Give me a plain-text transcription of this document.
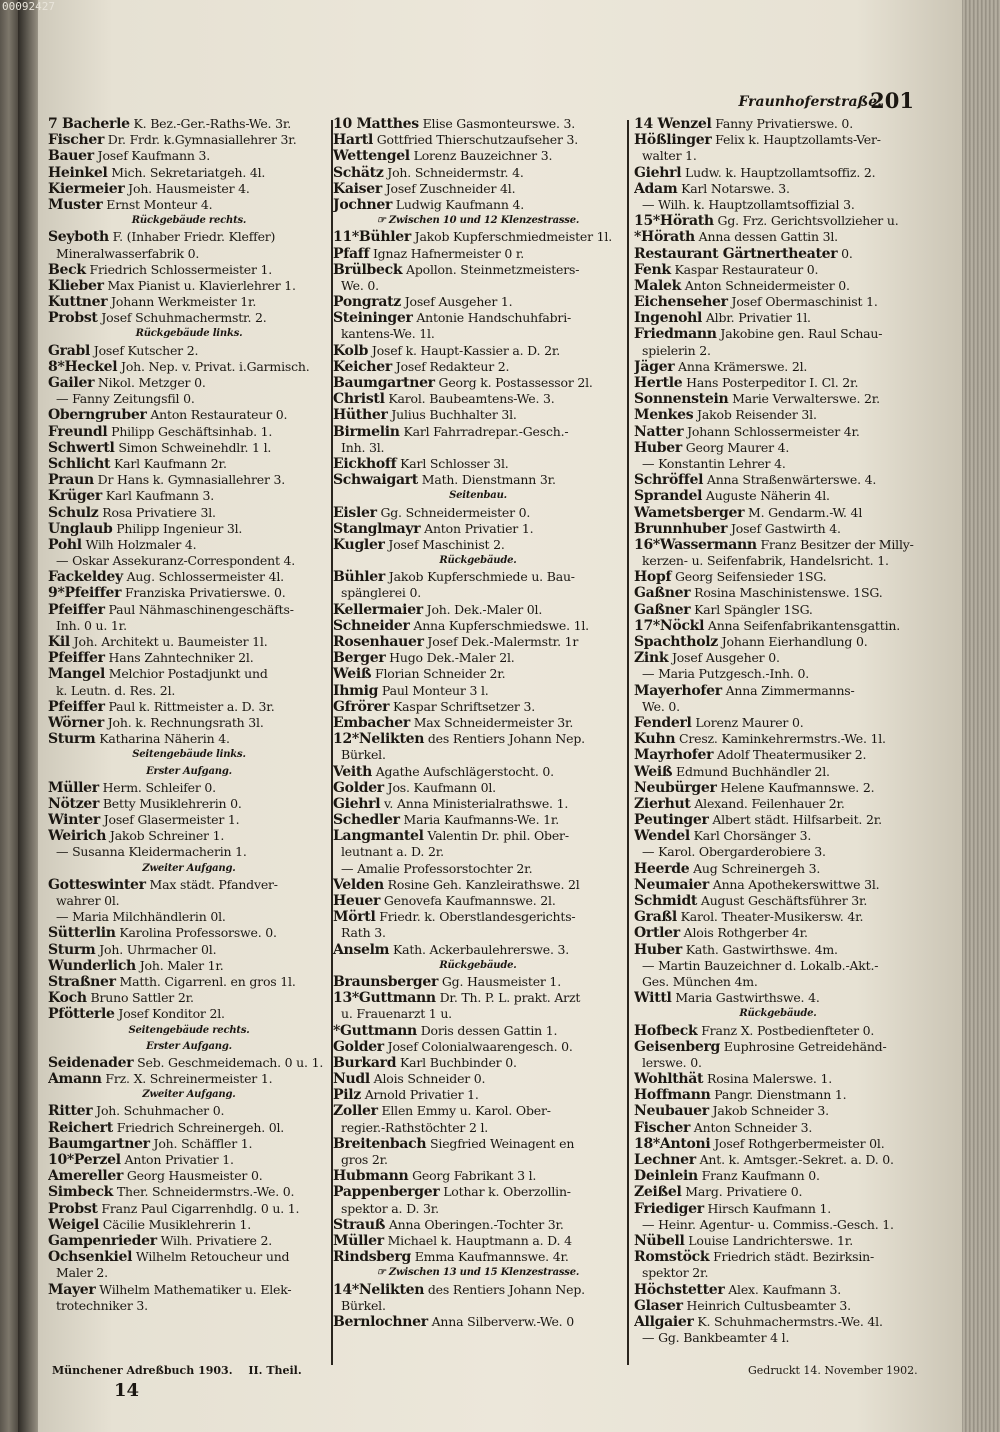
00092427
Fraunhoferstraße.
201
7 Bacherle K. Bez.-Ger.-Raths-We. 3r.
Fischer Dr. Frdr. k.Gymnasiallehrer 3r.
Bauer Josef Kaufmann 3.
Heinkel Mich. Sekretariatgeh. 4l.
Kiermeier Joh. Hausmeister 4.
Muster Ernst Monteur 4.
Rückgebäude rechts.
Seyboth F. (Inhaber Friedr. Kleffer)
Mineralwasserfabrik 0.
Beck Friedrich Schlossermeister 1.
Klieber Max Pianist u. Klavierlehrer 1.
Kuttner Johann Werkmeister 1r.
Probst Josef Schuhmachermstr. 2.
Rückgebäude links.
Grabl Josef Kutscher 2.
8*Heckel Joh. Nep. v. Privat. i.Garmisch.
Gailer Nikol. Metzger 0.
— Fanny Zeitungsfil 0.
Oberngruber Anton Restaurateur 0.
Freundl Philipp Geschäftsinhab. 1.
Schwertl Simon Schweinehdlr. 1 l.
Schlicht Karl Kaufmann 2r.
Praun Dr Hans k. Gymnasiallehrer 3.
Krüger Karl Kaufmann 3.
Schulz Rosa Privatiere 3l.
Unglaub Philipp Ingenieur 3l.
Pohl Wilh Holzmaler 4.
— Oskar Assekuranz-Correspondent 4.
Fackeldey Aug. Schlossermeister 4l.
9*Pfeiffer Franziska Privatierswe. 0.
Pfeiffer Paul Nähmaschinengeschäfts-
Inh. 0 u. 1r.
Kil Joh. Architekt u. Baumeister 1l.
Pfeiffer Hans Zahntechniker 2l.
Mangel Melchior Postadjunkt und
k. Leutn. d. Res. 2l.
Pfeiffer Paul k. Rittmeister a. D. 3r.
Wörner Joh. k. Rechnungsrath 3l.
Sturm Katharina Näherin 4.
Seitengebäude links.
Erster Aufgang.
Müller Herm. Schleifer 0.
Nötzer Betty Musiklehrerin 0.
Winter Josef Glasermeister 1.
Weirich Jakob Schreiner 1.
— Susanna Kleidermacherin 1.
Zweiter Aufgang.
Gotteswinter Max städt. Pfandver-
wahrer 0l.
— Maria Milchhändlerin 0l.
Sütterlin Karolina Professorswe. 0.
Sturm Joh. Uhrmacher 0l.
Wunderlich Joh. Maler 1r.
Straßner Matth. Cigarrenl. en gros 1l.
Koch Bruno Sattler 2r.
Pfötterle Josef Konditor 2l.
Seitengebäude rechts.
Erster Aufgang.
Seidenader Seb. Geschmeidemach. 0 u. 1.
Amann Frz. X. Schreinermeister 1.
Zweiter Aufgang.
Ritter Joh. Schuhmacher 0.
Reichert Friedrich Schreinergeh. 0l.
Baumgartner Joh. Schäffler 1.
10*Perzel Anton Privatier 1.
Amereller Georg Hausmeister 0.
Simbeck Ther. Schneidermstrs.-We. 0.
Probst Franz Paul Cigarrenhdlg. 0 u. 1.
Weigel Cäcilie Musiklehrerin 1.
Gampenrieder Wilh. Privatiere 2.
Ochsenkiel Wilhelm Retoucheur und
Maler 2.
Mayer Wilhelm Mathematiker u. Elek-
trotechniker 3.
10 Matthes Elise Gasmonteurswe. 3.
Hartl Gottfried Thierschutzaufseher 3.
Wettengel Lorenz Bauzeichner 3.
Schätz Joh. Schneidermstr. 4.
Kaiser Josef Zuschneider 4l.
Jochner Ludwig Kaufmann 4.
☞ Zwischen 10 und 12 Klenzestrasse.
11*Bühler Jakob Kupferschmiedmeister 1l.
Pfaff Ignaz Hafnermeister 0 r.
Brülbeck Apollon. Steinmetzmeisters-
We. 0.
Pongratz Josef Ausgeher 1.
Steininger Antonie Handschuhfabri-
kantens-We. 1l.
Kolb Josef k. Haupt-Kassier a. D. 2r.
Keicher Josef Redakteur 2.
Baumgartner Georg k. Postassessor 2l.
Christl Karol. Baubeamtens-We. 3.
Hüther Julius Buchhalter 3l.
Birmelin Karl Fahrradrepar.-Gesch.-
Inh. 3l.
Eickhoff Karl Schlosser 3l.
Schwaigart Math. Dienstmann 3r.
Seitenbau.
Eisler Gg. Schneidermeister 0.
Stanglmayr Anton Privatier 1.
Kugler Josef Maschinist 2.
Rückgebäude.
Bühler Jakob Kupferschmiede u. Bau-
spänglerei 0.
Kellermaier Joh. Dek.-Maler 0l.
Schneider Anna Kupferschmiedswe. 1l.
Rosenhauer Josef Dek.-Malermstr. 1r
Berger Hugo Dek.-Maler 2l.
Weiß Florian Schneider 2r.
Ihmig Paul Monteur 3 l.
Gfrörer Kaspar Schriftsetzer 3.
Embacher Max Schneidermeister 3r.
12*Nelikten des Rentiers Johann Nep.
Bürkel.
Veith Agathe Aufschlägerstocht. 0.
Golder Jos. Kaufmann 0l.
Giehrl v. Anna Ministerialrathswe. 1.
Schedler Maria Kaufmanns-We. 1r.
Langmantel Valentin Dr. phil. Ober-
leutnant a. D. 2r.
— Amalie Professorstochter 2r.
Velden Rosine Geh. Kanzleirathswe. 2l
Heuer Genovefa Kaufmannswe. 2l.
Mörtl Friedr. k. Oberstlandesgerichts-
Rath 3.
Anselm Kath. Ackerbaulehrerswe. 3.
Rückgebäude.
Braunsberger Gg. Hausmeister 1.
13*Guttmann Dr. Th. P. L. prakt. Arzt
u. Frauenarzt 1 u.
*Guttmann Doris dessen Gattin 1.
Golder Josef Colonialwaarengesch. 0.
Burkard Karl Buchbinder 0.
Nudl Alois Schneider 0.
Pilz Arnold Privatier 1.
Zoller Ellen Emmy u. Karol. Ober-
regier.-Rathstöchter 2 l.
Breitenbach Siegfried Weinagent en
gros 2r.
Hubmann Georg Fabrikant 3 l.
Pappenberger Lothar k. Oberzollin-
spektor a. D. 3r.
Strauß Anna Oberingen.-Tochter 3r.
Müller Michael k. Hauptmann a. D. 4
Rindsberg Emma Kaufmannswe. 4r.
☞ Zwischen 13 und 15 Klenzestrasse.
14*Nelikten des Rentiers Johann Nep.
Bürkel.
Bernlochner Anna Silberverw.-We. 0
14 Wenzel Fanny Privatierswe. 0.
Hößlinger Felix k. Hauptzollamts-Ver-
walter 1.
Giehrl Ludw. k. Hauptzollamtsoffiz. 2.
Adam Karl Notarswe. 3.
— Wilh. k. Hauptzollamtsoffizial 3.
15*Hörath Gg. Frz. Gerichtsvollzieher u.
*Hörath Anna dessen Gattin 3l.
Restaurant Gärtnertheater 0.
Fenk Kaspar Restaurateur 0.
Malek Anton Schneidermeister 0.
Eichenseher Josef Obermaschinist 1.
Ingenohl Albr. Privatier 1l.
Friedmann Jakobine gen. Raul Schau-
spielerin 2.
Jäger Anna Krämerswe. 2l.
Hertle Hans Posterpeditor I. Cl. 2r.
Sonnenstein Marie Verwalterswe. 2r.
Menkes Jakob Reisender 3l.
Natter Johann Schlossermeister 4r.
Huber Georg Maurer 4.
— Konstantin Lehrer 4.
Schröffel Anna Straßenwärterswe. 4.
Sprandel Auguste Näherin 4l.
Wametsberger M. Gendarm.-W. 4l
Brunnhuber Josef Gastwirth 4.
16*Wassermann Franz Besitzer der Milly-
kerzen- u. Seifenfabrik, Handelsricht. 1.
Hopf Georg Seifensieder 1SG.
Gaßner Rosina Maschinistenswe. 1SG.
Gaßner Karl Spängler 1SG.
17*Nöckl Anna Seifenfabrikantensgattin.
Spachtholz Johann Eierhandlung 0.
Zink Josef Ausgeher 0.
— Maria Putzgesch.-Inh. 0.
Mayerhofer Anna Zimmermanns-
We. 0.
Fenderl Lorenz Maurer 0.
Kuhn Cresz. Kaminkehrermstrs.-We. 1l.
Mayrhofer Adolf Theatermusiker 2.
Weiß Edmund Buchhändler 2l.
Neubürger Helene Kaufmannswe. 2.
Zierhut Alexand. Feilenhauer 2r.
Peutinger Albert städt. Hilfsarbeit. 2r.
Wendel Karl Chorsänger 3.
— Karol. Obergarderobiere 3.
Heerde Aug Schreinergeh 3.
Neumaier Anna Apothekerswittwe 3l.
Schmidt August Geschäftsführer 3r.
Graßl Karol. Theater-Musikersw. 4r.
Ortler Alois Rothgerber 4r.
Huber Kath. Gastwirthswe. 4m.
— Martin Bauzeichner d. Lokalb.-Akt.-
Ges. München 4m.
Wittl Maria Gastwirthswe. 4.
Rückgebäude.
Hofbeck Franz X. Postbedienfteter 0.
Geisenberg Euphrosine Getreidehänd-
lerswe. 0.
Wohlthät Rosina Malerswe. 1.
Hoffmann Pangr. Dienstmann 1.
Neubauer Jakob Schneider 3.
Fischer Anton Schneider 3.
18*Antoni Josef Rothgerbermeister 0l.
Lechner Ant. k. Amtsger.-Sekret. a. D. 0.
Deinlein Franz Kaufmann 0.
Zeißel Marg. Privatiere 0.
Friediger Hirsch Kaufmann 1.
— Heinr. Agentur- u. Commiss.-Gesch. 1.
Nübell Louise Landrichterswe. 1r.
Romstöck Friedrich städt. Bezirksin-
spektor 2r.
Höchstetter Alex. Kaufmann 3.
Glaser Heinrich Cultusbeamter 3.
Allgaier K. Schuhmachermstrs.-We. 4l.
— Gg. Bankbeamter 4 l.
Münchener Adreßbuch 1903. II. Theil.	Gedruckt 14. November 1902.
14
